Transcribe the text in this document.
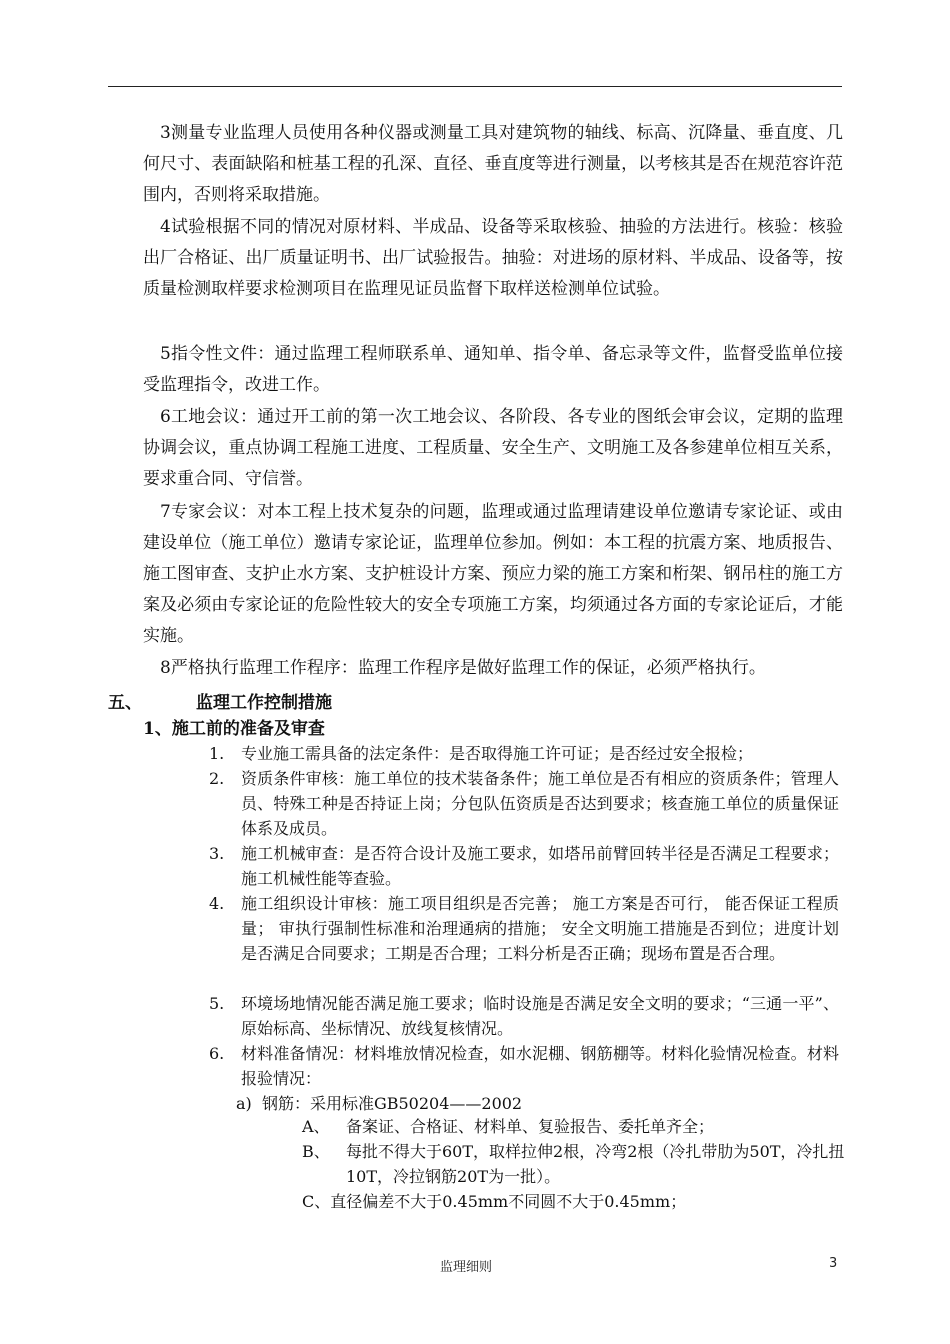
3测量专业监理人员使用各种仪器或测量工具对建筑物的轴线、标高、沉降量、垂直度、几何尺寸、表面缺陷和桩基工程的孔深、直径、垂直度等进行测量，以考核其是否在规范容许范围内，否则将采取措施。
4试验根据不同的情况对原材料、半成品、设备等采取核验、抽验的方法进行。核验：核验出厂合格证、出厂质量证明书、出厂试验报告。抽验：对进场的原材料、半成品、设备等，按质量检测取样要求检测项目在监理见证员监督下取样送检测单位试验。
5指令性文件：通过监理工程师联系单、通知单、指令单、备忘录等文件，监督受监单位接受监理指令，改进工作。
6工地会议：通过开工前的第一次工地会议、各阶段、各专业的图纸会审会议，定期的监理协调会议，重点协调工程施工进度、工程质量、安全生产、文明施工及各参建单位相互关系，要求重合同、守信誉。
7专家会议：对本工程上技术复杂的问题，监理或通过监理请建设单位邀请专家论证、或由建设单位（施工单位）邀请专家论证，监理单位参加。例如：本工程的抗震方案、地质报告、施工图审查、支护止水方案、支护桩设计方案、预应力梁的施工方案和桁架、钢吊柱的施工方案及必须由专家论证的危险性较大的安全专项施工方案，均须通过各方面的专家论证后，才能实施。
8严格执行监理工作程序：监理工作程序是做好监理工作的保证，必须严格执行。
五、	监理工作控制措施
1、施工前的准备及审查
1. 专业施工需具备的法定条件：是否取得施工许可证；是否经过安全报检；
2. 资质条件审核：施工单位的技术装备条件；施工单位是否有相应的资质条件；管理人员、特殊工种是否持证上岗；分包队伍资质是否达到要求；核查施工单位的质量保证体系及成员。
3. 施工机械审查：是否符合设计及施工要求，如塔吊前臂回转半径是否满足工程要求；施工机械性能等查验。
4. 施工组织设计审核：施工项目组织是否完善； 施工方案是否可行， 能否保证工程质量； 审执行强制性标准和治理通病的措施； 安全文明施工措施是否到位；进度计划是否满足合同要求；工期是否合理；工料分析是否正确；现场布置是否合理。
5. 环境场地情况能否满足施工要求；临时设施是否满足安全文明的要求；“三通一平”、原始标高、坐标情况、放线复核情况。
6. 材料准备情况：材料堆放情况检查，如水泥棚、钢筋棚等。材料化验情况检查。材料报验情况：
a) 钢筋：采用标准GB50204——2002
A、 备案证、合格证、材料单、复验报告、委托单齐全；
B、 每批不得大于60T，取样拉伸2根，冷弯2根（冷扎带肋为50T，冷扎扭10T，冷拉钢筋20T为一批）。
C、直径偏差不大于0.45mm不同圆不大于0.45mm；
监理细则	3
